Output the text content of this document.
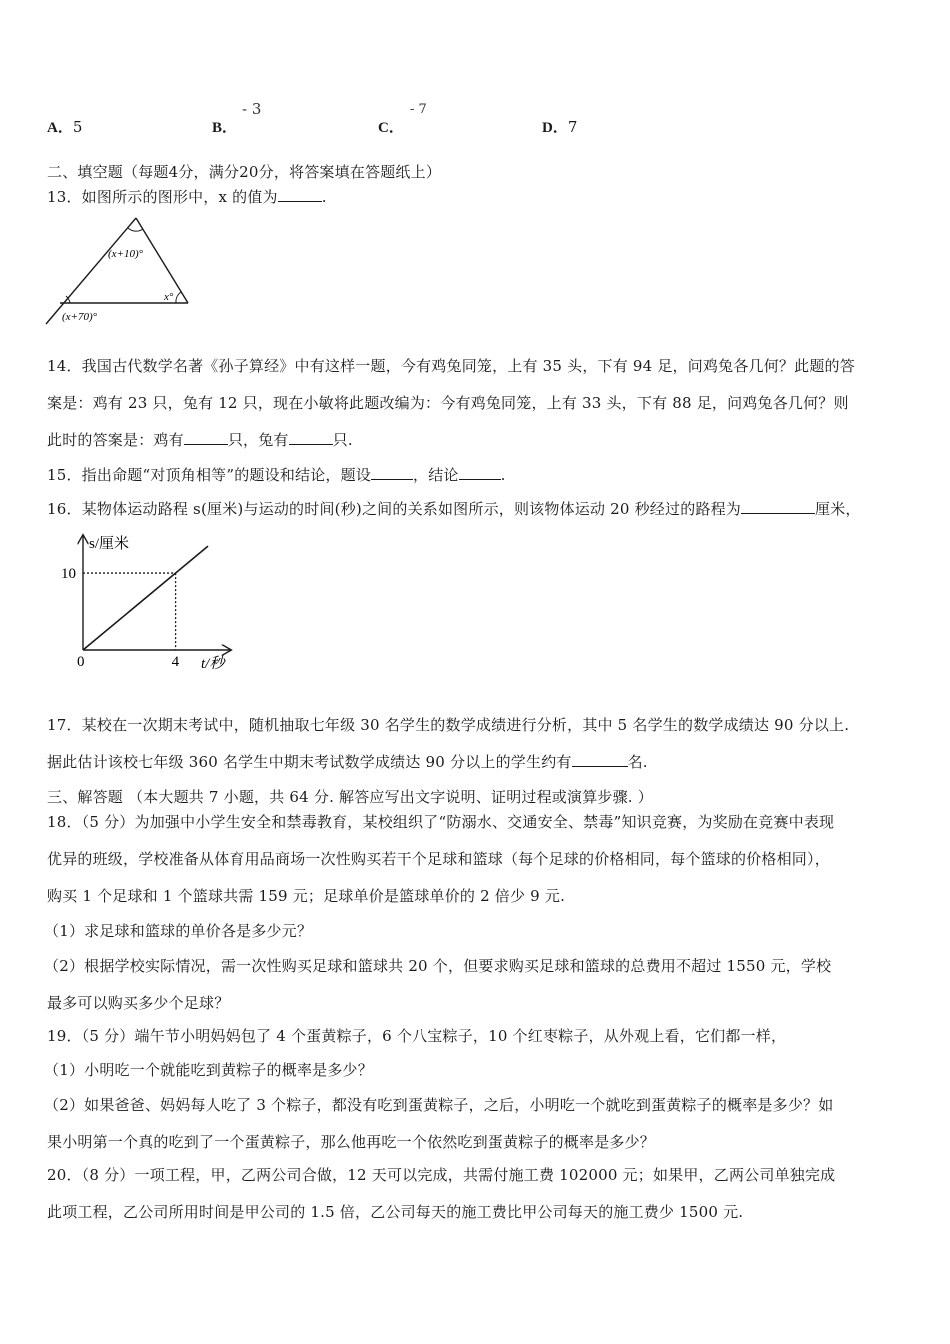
A．5	B．
- 3
C．
- 7
D．7
二、填空题（每题4分，满分20分，将答案填在答题纸上）
13．如图所示的图形中，x 的值为	.
(x+10)°
x°
(x+70)°
14．我国古代数学名著《孙子算经》中有这样一题，今有鸡兔同笼，上有 35 头，下有 94 足，问鸡兔各几何？此题的答
案是：鸡有 23 只，兔有 12 只，现在小敏将此题改编为：今有鸡兔同笼，上有 33 头，下有 88 足，问鸡兔各几何？则
此时的答案是：鸡有	只，兔有	只.
15．指出命题“对顶角相等”的题设和结论，题设	，结论	.
16．某物体运动路程 s(厘米)与运动的时间(秒)之间的关系如图所示，则该物体运动 20 秒经过的路程为	厘米，
s/厘米
t/秒
0	4
10
17．某校在一次期末考试中，随机抽取七年级 30 名学生的数学成绩进行分析，其中 5 名学生的数学成绩达 90 分以上.
据此估计该校七年级 360 名学生中期末考试数学成绩达 90 分以上的学生约有	名.
三、解答题 （本大题共 7 小题，共 64 分. 解答应写出文字说明、证明过程或演算步骤. ）
18．（5 分）为加强中小学生安全和禁毒教育，某校组织了“防溺水、交通安全、禁毒”知识竞赛，为奖励在竞赛中表现
优异的班级，学校准备从体育用品商场一次性购买若干个足球和篮球（每个足球的价格相同，每个篮球的价格相同），
购买 1 个足球和 1 个篮球共需 159 元；足球单价是篮球单价的 2 倍少 9 元.
（1）求足球和篮球的单价各是多少元？
（2）根据学校实际情况，需一次性购买足球和篮球共 20 个，但要求购买足球和篮球的总费用不超过 1550 元，学校
最多可以购买多少个足球？
19．（5 分）端午节小明妈妈包了 4 个蛋黄粽子，6 个八宝粽子，10 个红枣粽子，从外观上看，它们都一样，
（1）小明吃一个就能吃到黄粽子的概率是多少？
（2）如果爸爸、妈妈每人吃了 3 个粽子，都没有吃到蛋黄粽子，之后，小明吃一个就吃到蛋黄粽子的概率是多少？如
果小明第一个真的吃到了一个蛋黄粽子，那么他再吃一个依然吃到蛋黄粽子的概率是多少？
20．（8 分）一项工程，甲，乙两公司合做，12 天可以完成，共需付施工费 102000 元；如果甲，乙两公司单独完成
此项工程，乙公司所用时间是甲公司的 1.5 倍，乙公司每天的施工费比甲公司每天的施工费少 1500 元.
